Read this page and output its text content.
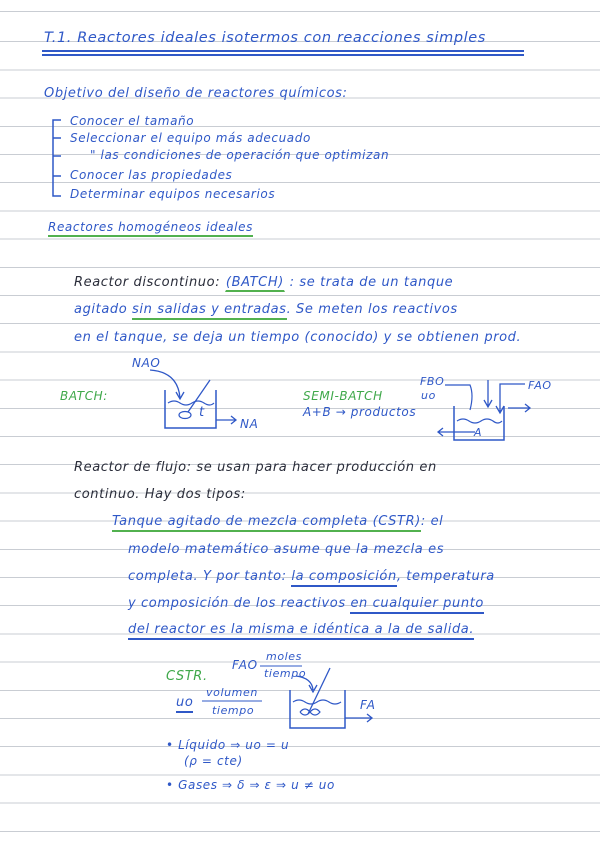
T.1. Reactores ideales isotermos con reacciones simples
Objetivo del diseño de reactores químicos:
Conocer el tamaño
Seleccionar el equipo más adecuado
" las condiciones de operación que optimizan
Conocer las propiedades
Determinar equipos necesarios
Reactores homogéneos ideales
Reactor discontinuo: (BATCH) : se trata de un tanque
agitado sin salidas y entradas. Se meten los reactivos
en el tanque, se deja un tiempo (conocido) y se obtienen prod.
BATCH:
NAO
t
NA
SEMI-BATCH
A+B → productos
FBO
uo
FAO
A
Reactor de flujo: se usan para hacer producción en
continuo. Hay dos tipos:
Tanque agitado de mezcla completa (CSTR): el
modelo matemático asume que la mezcla es
completa. Y por tanto: la composición, temperatura
y composición de los reactivos en cualquier punto
del reactor es la misma e idéntica a la de salida.
CSTR.
FAO
moles
tiempo
uo
volumen
tiempo	FA
• Líquido ⇒ uo = u
(ρ = cte)
• Gases ⇒ δ ⇒ ε ⇒ u ≠ uo
